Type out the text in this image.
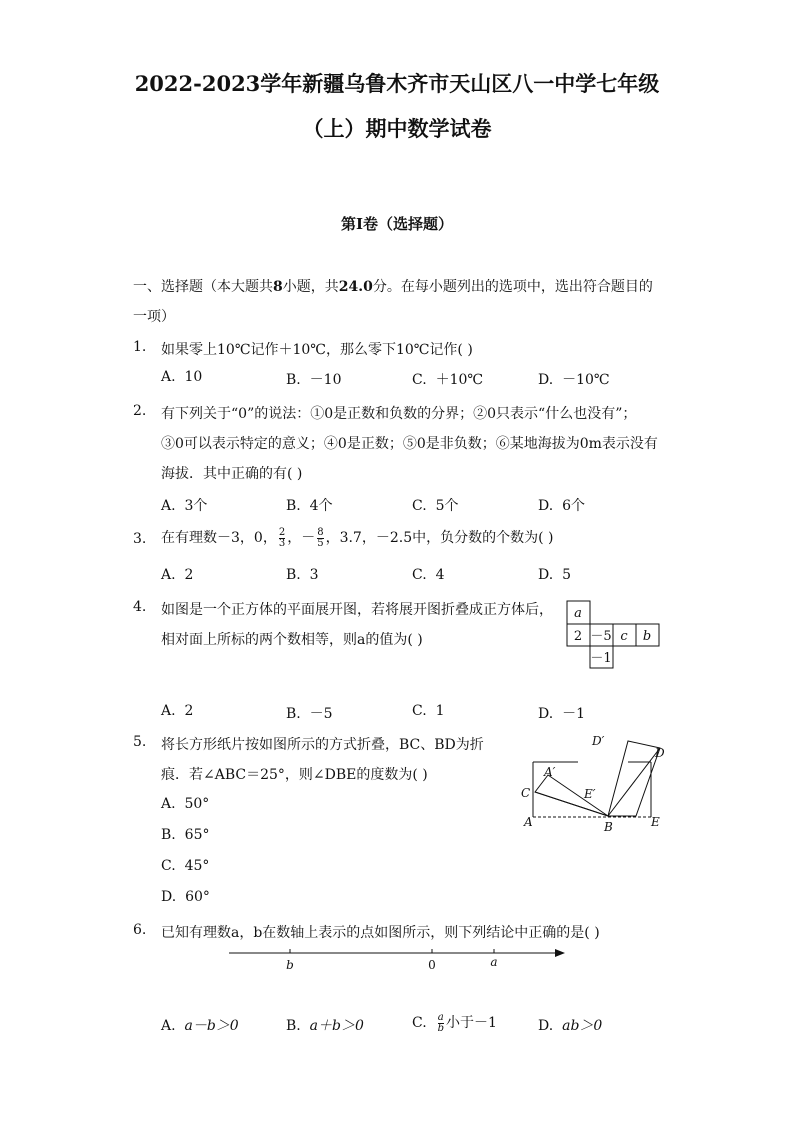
2022-2023学年新疆乌鲁木齐市天山区八一中学七年级
（上）期中数学试卷
第I卷（选择题）
一、选择题（本大题共8小题，共24.0分。在每小题列出的选项中，选出符合题目的
一项）
1. 如果零上10℃记作＋10℃，那么零下10℃记作( )
A. 10	B. －10	C. ＋10℃	D. －10℃
2. 有下列关于“0”的说法：①0是正数和负数的分界；②0只表示“什么也没有”；
③0可以表示特定的意义；④0是正数；⑤0是非负数；⑥某地海拔为0m表示没有
海拔．其中正确的有( )
A. 3个	B. 4个	C. 5个	D. 6个
3. 在有理数－3，0， $\frac{2}{3}$ ，－ $\frac{8}{5}$ ，3.7，－2.5中，负分数的个数为( )
A. 2	B. 3	C. 4	D. 5
4. 如图是一个正方体的平面展开图，若将展开图折叠成正方体后，
相对面上所标的两个数相等，则a的值为( )
a
2 －5 c b
－1
A. 2	B. －5	C. 1	D. －1
5. 将长方形纸片按如图所示的方式折叠，BC、BD为折
痕．若∠ABC＝25°，则∠DBE的度数为( )
A. 50°
B. 65°
C. 45°
D. 60°
D′
D
A′
C	E′
A	B	E
6. 已知有理数a，b在数轴上表示的点如图所示，则下列结论中正确的是( )
b	0	a
A. a－b＞0	B. a＋b＞0	C. $\frac{a}{b}$ 小于－1	D. ab＞0
